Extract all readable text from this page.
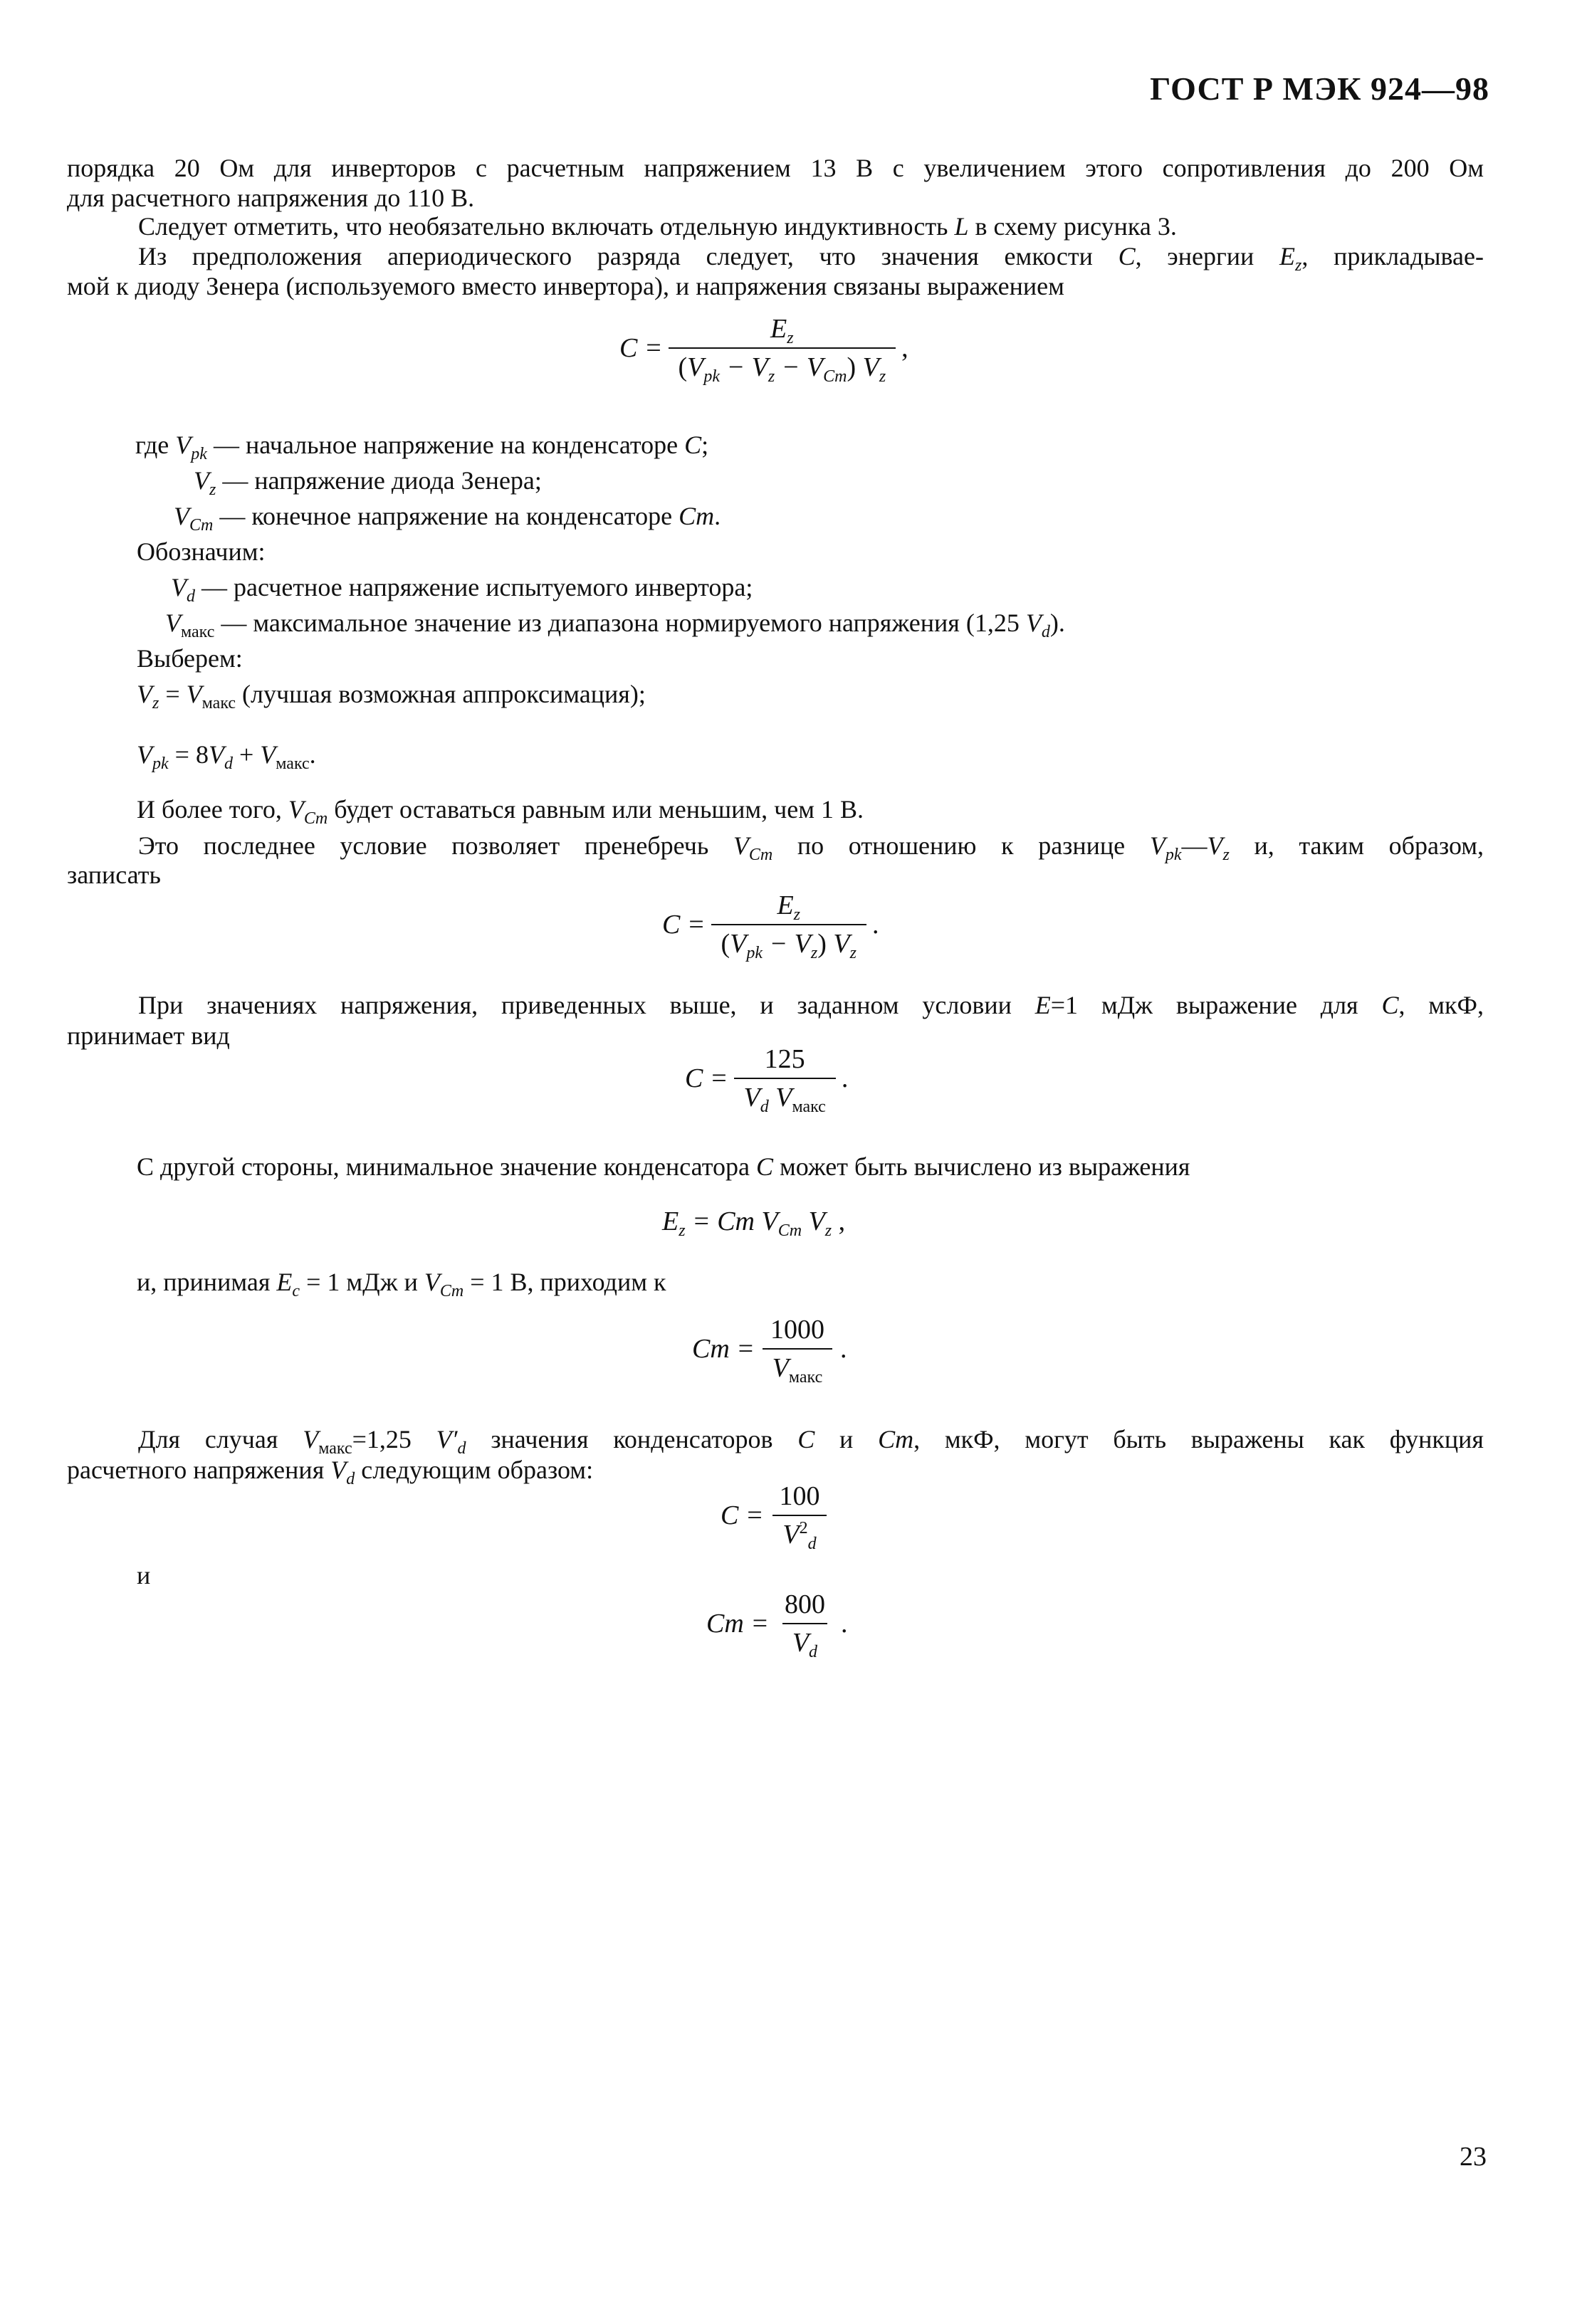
ГОСТ Р МЭК 924—98

порядка 20 Ом для инверторов с расчетным напряжением 13 В с увеличением этого сопротивления до 200 Ом

для расчетного напряжения до 110 В.

Следует отметить, что необязательно включать отдельную индуктивность L в схему рисунка 3.

Из предположения апериодического разряда следует, что значения емкости C, энергии $E_z$, прикладывае-

мой к диоду Зенера (используемого вместо инвертора), и напряжения связаны выражением

$C = \frac{E_z}{(V_{pk} - V_z - V_{Cm}) V_z}$ ,
где $V_{pk}$ — начальное напряжение на конденсаторе C;
$V_z$ — напряжение диода Зенера;
$V_{Cm}$ — конечное напряжение на конденсаторе Cm.
Обозначим:
$V_d$ — расчетное напряжение испытуемого инвертора;
$V_{макс}$ — максимальное значение из диапазона нормируемого напряжения (1,25 $V_d$).
Выберем:
$V_z = V_{макс}$ (лучшая возможная аппроксимация);
$V_{pk} = 8V_d + V_{макс}$.
И более того, $V_{Cm}$ будет оставаться равным или меньшим, чем 1 В.

Это последнее условие позволяет пренебречь $V_{Cm}$ по отношению к разнице $V_{pk}—V_z$ и, таким образом,

записать
$C = \frac{E_z}{(V_{pk} - V_z) V_z}$ .

При значениях напряжения, приведенных выше, и заданном условии E=1 мДж выражение для C, мкФ,

принимает вид
$C = \frac{125}{V_d V_{макс}}$ .
С другой стороны, минимальное значение конденсатора C может быть вычислено из выражения
$E_z = Cm$ $V_{Cm}$ $V_z$ ,
и, принимая $E_c = 1$ мДж и $V_{Cm} = 1$ В, приходим к
$Cm = \frac{1000}{V_{макс}}$ .

Для случая $V_{макс}=1,25$ $V'_d$ значения конденсаторов C и Cm, мкФ, могут быть выражены как функция

расчетного напряжения $V_d$ следующим образом:
$C = \frac{100}{V^2_d}$
и
$Cm = \frac{800}{V_d}$ .
23
